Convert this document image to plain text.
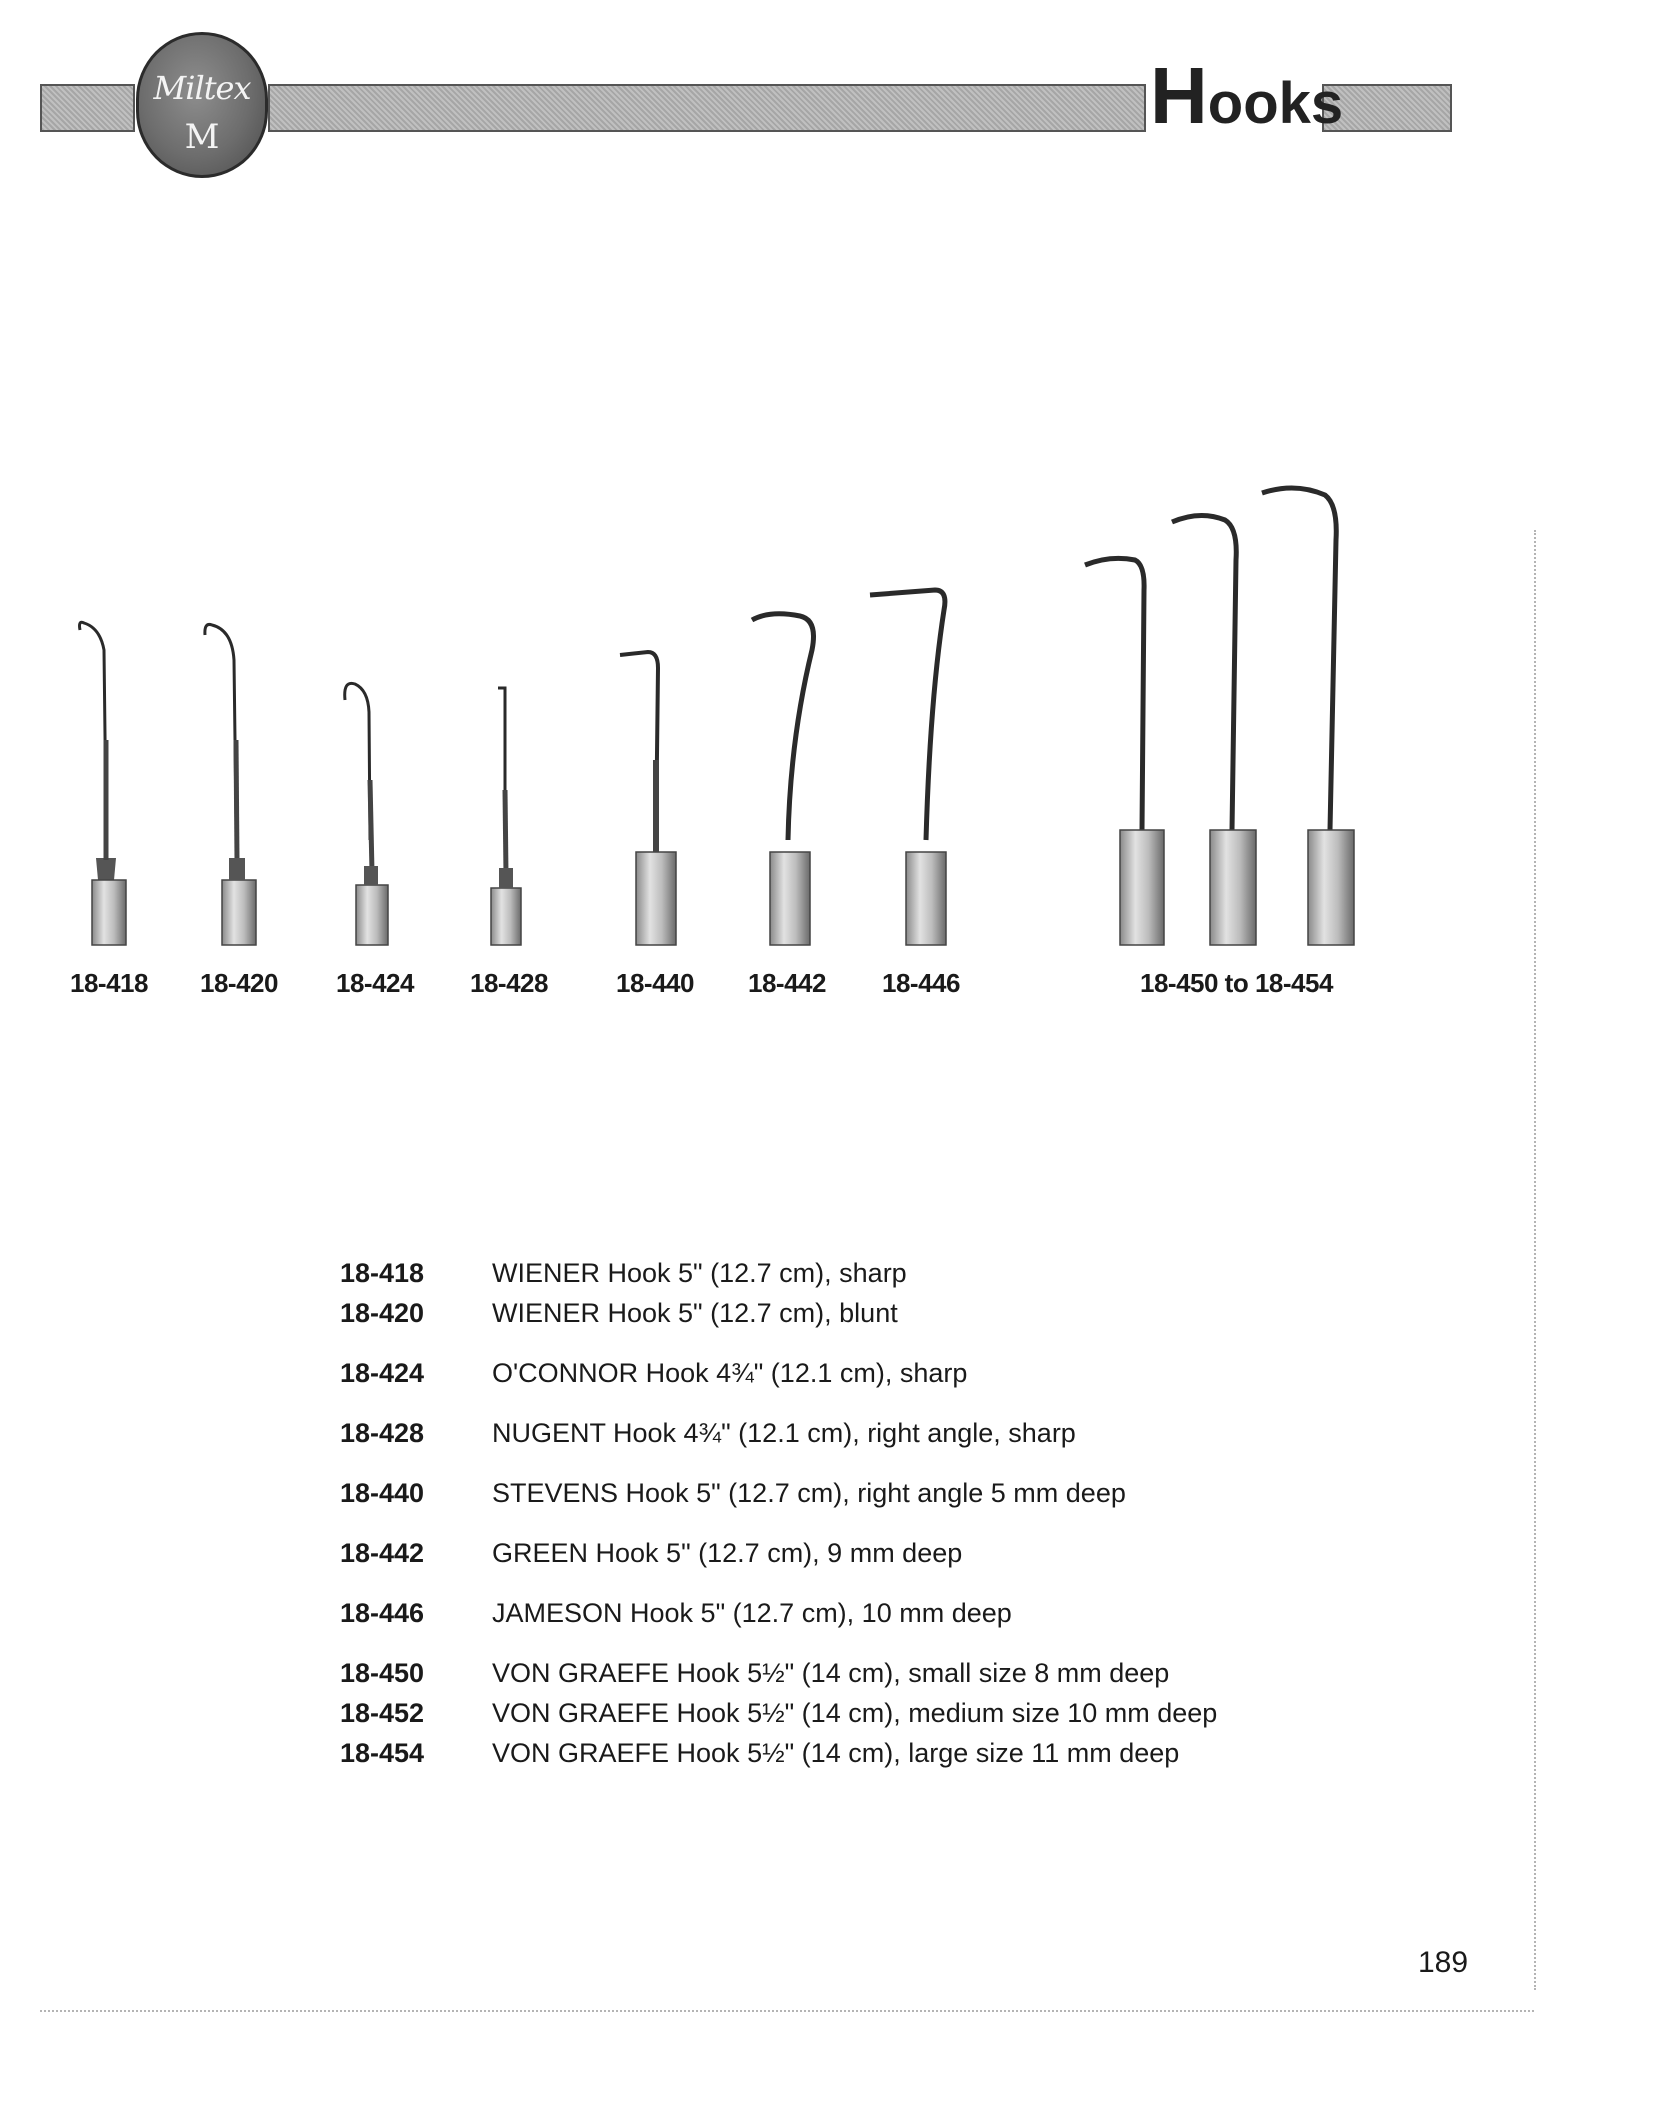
Miltex
M	Hooks
18-418 18-420 18-424 18-428	18-440 18-442 18-446	18-450 to 18-454
18-418	WIENER Hook 5" (12.7 cm), sharp
18-420	WIENER Hook 5" (12.7 cm), blunt
18-424	O'CONNOR Hook 4¾" (12.1 cm), sharp
18-428	NUGENT Hook 4¾" (12.1 cm), right angle, sharp
18-440	STEVENS Hook 5" (12.7 cm), right angle 5 mm deep
18-442	GREEN Hook 5" (12.7 cm), 9 mm deep
18-446	JAMESON Hook 5" (12.7 cm), 10 mm deep
18-450	VON GRAEFE Hook 5½" (14 cm), small size 8 mm deep
18-452	VON GRAEFE Hook 5½" (14 cm), medium size 10 mm deep
18-454	VON GRAEFE Hook 5½" (14 cm), large size 11 mm deep
189
